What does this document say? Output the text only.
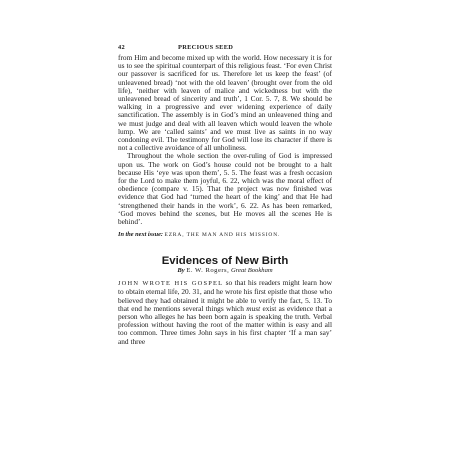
42	PRECIOUS SEED

from Him and become mixed up with the world. How necessary it is for us to see the spiritual counterpart of this religious feast. ‘For even Christ our passover is sacrificed for us. Therefore let us keep the feast’ (of unleavened bread) ‘not with the old leaven’ (brought over from the old life), ‘neither with leaven of malice and wickedness but with the unleavened bread of sincerity and truth’, 1 Cor. 5. 7, 8. We should be walking in a progressive and ever widening experience of daily sanctification. The assembly is in God’s mind an unleavened thing and we must judge and deal with all leaven which would leaven the whole lump. We are ‘called saints’ and we must live as saints in no way condoning evil. The testimony for God will lose its character if there is not a collective avoidance of all unholiness.

Throughout the whole section the over-ruling of God is impressed upon us. The work on God’s house could not be brought to a halt because His ‘eye was upon them’, 5. 5. The feast was a fresh occasion for the Lord to make them joyful, 6. 22, which was the moral effect of obedience (compare v. 15). That the project was now finished was evidence that God had ‘turned the heart of the king’ and that He had ‘strengthened their hands in the work’, 6. 22. As has been remarked, ‘God moves behind the scenes, but He moves all the scenes He is behind’.

In the next issue: EZRA, THE MAN AND HIS MISSION.

Evidences of New Birth

By E. W. Rogers, Great Bookham

JOHN WROTE HIS GOSPEL so that his readers might learn how to obtain eternal life, 20. 31, and he wrote his first epistle that those who believed they had obtained it might be able to verify the fact, 5. 13. To that end he mentions several things which must exist as evidence that a person who alleges he has been born again is speaking the truth. Verbal profession without having the root of the matter within is easy and all too common. Three times John says in his first chapter ‘If a man say’ and three
